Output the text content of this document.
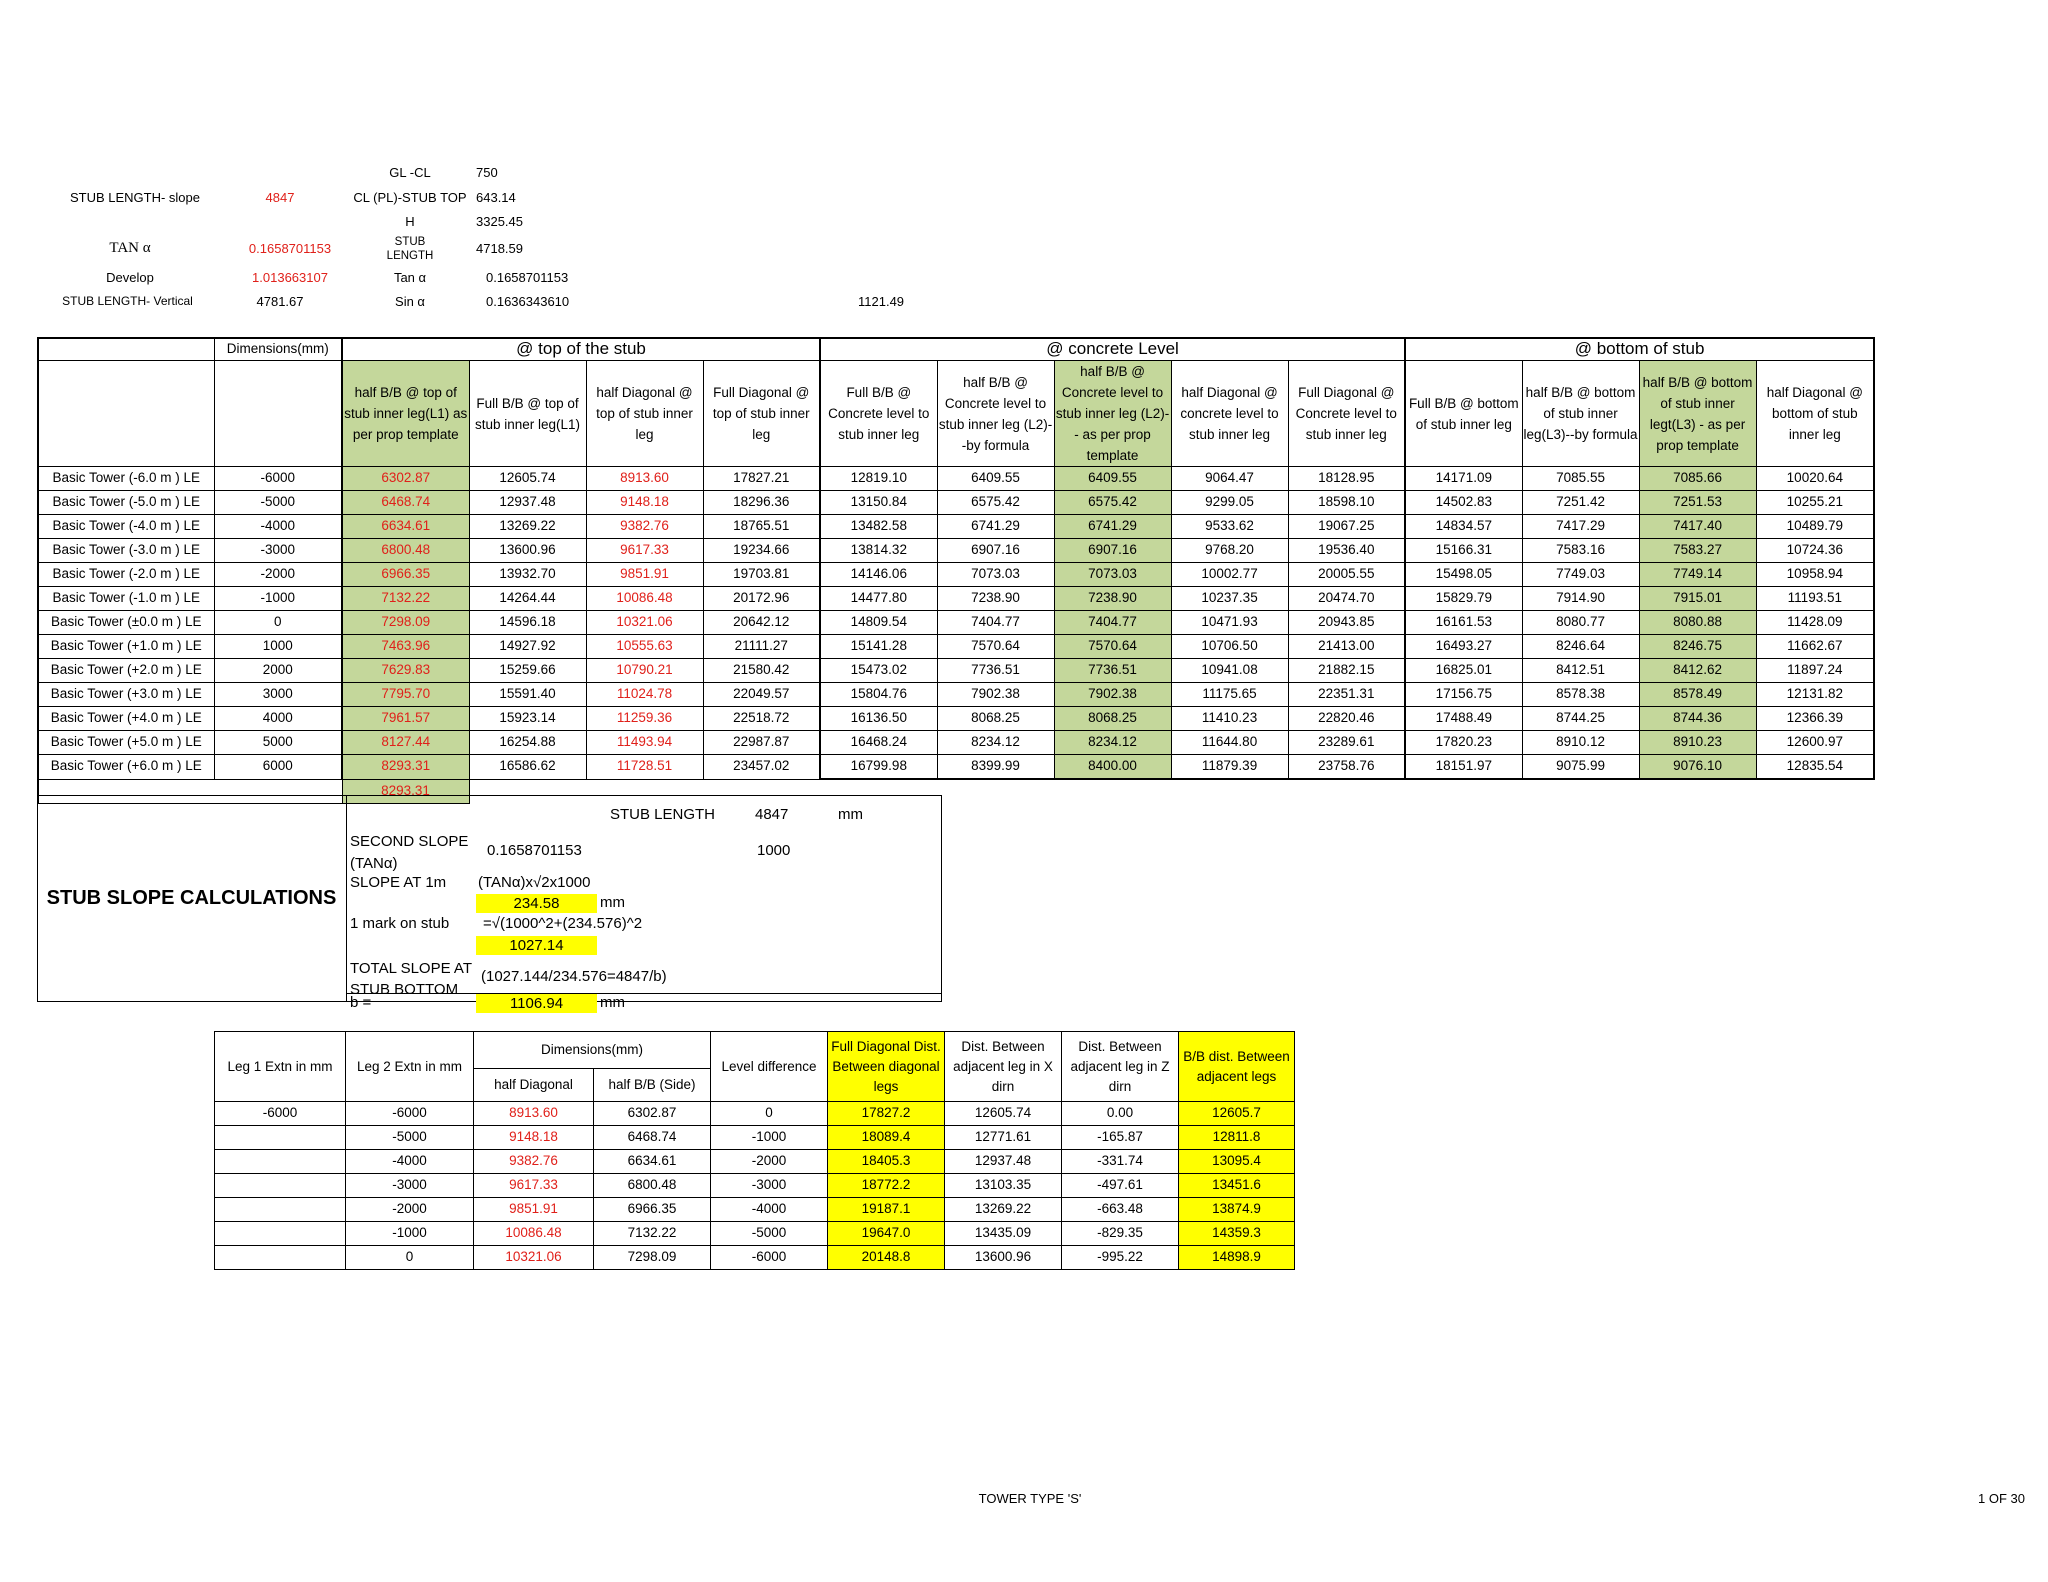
STUB LENGTH- slope	4847
TAN α	0.1658701153
Develop	1.013663107
STUB LENGTH- Vertical	4781.67
GL -CL	750
CL (PL)-STUB TOP 643.14
H	3325.45
STUB LENGTH	4718.59
Tan α	0.1658701153
Sin α	0.1636343610	1121.49
	Dimensions(mm)	@ top of the stub				@ concrete Level					@ bottom of stub			
		half B/B @ top of stub inner leg(L1) as per prop template	Full B/B @ top of stub inner leg(L1)	half Diagonal @ top of stub inner leg	Full Diagonal @ top of stub inner leg	Full B/B @ Concrete level to stub inner leg	half B/B @ Concrete level to stub inner leg (L2)--by formula	half B/B @ Concrete level to stub inner leg (L2)-- as per prop template	half Diagonal @ concrete level to stub inner leg	Full Diagonal @ Concrete level to stub inner leg	Full B/B @ bottom of stub inner leg	half B/B @ bottom of stub inner leg(L3)--by formula	half B/B @ bottom of stub inner legt(L3) - as per prop template	half Diagonal @ bottom of stub inner leg
Basic Tower (-6.0 m ) LE	-6000	6302.87	12605.74	8913.60	17827.21	12819.10	6409.55	6409.55	9064.47	18128.95	14171.09	7085.55	7085.66	10020.64
Basic Tower (-5.0 m ) LE	-5000	6468.74	12937.48	9148.18	18296.36	13150.84	6575.42	6575.42	9299.05	18598.10	14502.83	7251.42	7251.53	10255.21
Basic Tower (-4.0 m ) LE	-4000	6634.61	13269.22	9382.76	18765.51	13482.58	6741.29	6741.29	9533.62	19067.25	14834.57	7417.29	7417.40	10489.79
Basic Tower (-3.0 m ) LE	-3000	6800.48	13600.96	9617.33	19234.66	13814.32	6907.16	6907.16	9768.20	19536.40	15166.31	7583.16	7583.27	10724.36
Basic Tower (-2.0 m ) LE	-2000	6966.35	13932.70	9851.91	19703.81	14146.06	7073.03	7073.03	10002.77	20005.55	15498.05	7749.03	7749.14	10958.94
Basic Tower (-1.0 m ) LE	-1000	7132.22	14264.44	10086.48	20172.96	14477.80	7238.90	7238.90	10237.35	20474.70	15829.79	7914.90	7915.01	11193.51
Basic Tower (±0.0 m ) LE	0	7298.09	14596.18	10321.06	20642.12	14809.54	7404.77	7404.77	10471.93	20943.85	16161.53	8080.77	8080.88	11428.09
Basic Tower (+1.0 m ) LE	1000	7463.96	14927.92	10555.63	21111.27	15141.28	7570.64	7570.64	10706.50	21413.00	16493.27	8246.64	8246.75	11662.67
Basic Tower (+2.0 m ) LE	2000	7629.83	15259.66	10790.21	21580.42	15473.02	7736.51	7736.51	10941.08	21882.15	16825.01	8412.51	8412.62	11897.24
Basic Tower (+3.0 m ) LE	3000	7795.70	15591.40	11024.78	22049.57	15804.76	7902.38	7902.38	11175.65	22351.31	17156.75	8578.38	8578.49	12131.82
Basic Tower (+4.0 m ) LE	4000	7961.57	15923.14	11259.36	22518.72	16136.50	8068.25	8068.25	11410.23	22820.46	17488.49	8744.25	8744.36	12366.39
Basic Tower (+5.0 m ) LE	5000	8127.44	16254.88	11493.94	22987.87	16468.24	8234.12	8234.12	11644.80	23289.61	17820.23	8910.12	8910.23	12600.97
Basic Tower (+6.0 m ) LE	6000	8293.31	16586.62	11728.51	23457.02	16799.98	8399.99	8400.00	11879.39	23758.76	18151.97	9075.99	9076.10	12835.54
		8293.31												
STUB SLOPE CALCULATIONS
STUB LENGTH	4847	mm
SECOND SLOPE (TANα)
0.1658701153	1000
SLOPE AT 1m (TANα)x√2x1000
234.58	mm
1 mark on stub =√(1000^2+(234.576)^2
1027.14
TOTAL SLOPE AT STUB BOTTOM
(1027.144/234.576=4847/b)
b =	1106.94	mm
Leg 1 Extn in mm	Leg 2 Extn in mm	Dimensions(mm)		Level difference	Full Diagonal Dist. Between diagonal legs	Dist. Between adjacent leg in X dirn	Dist. Between adjacent leg in Z dirn	B/B dist. Between adjacent legs
		half Diagonal	half B/B (Side)					
-6000	-6000	8913.60	6302.87	0	17827.2	12605.74	0.00	12605.7
	-5000	9148.18	6468.74	-1000	18089.4	12771.61	-165.87	12811.8
	-4000	9382.76	6634.61	-2000	18405.3	12937.48	-331.74	13095.4
	-3000	9617.33	6800.48	-3000	18772.2	13103.35	-497.61	13451.6
	-2000	9851.91	6966.35	-4000	19187.1	13269.22	-663.48	13874.9
	-1000	10086.48	7132.22	-5000	19647.0	13435.09	-829.35	14359.3
	0	10321.06	7298.09	-6000	20148.8	13600.96	-995.22	14898.9
TOWER TYPE 'S'	1 OF 30
